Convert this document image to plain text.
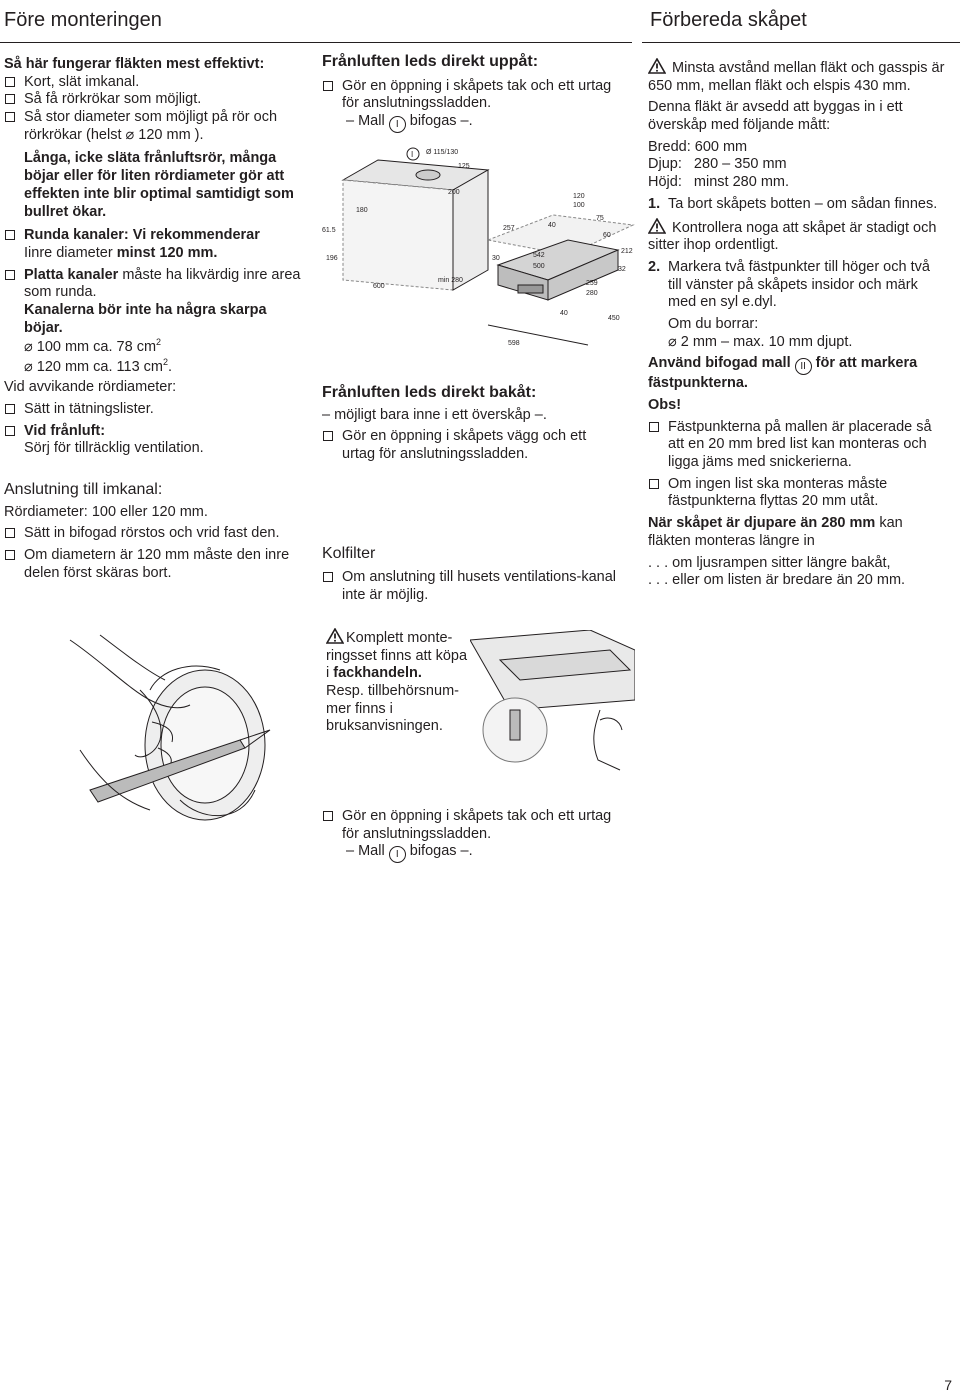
Före monteringen	Förbereda skåpet

Så här fungerar fläkten mest effektivt:

Kort, slät imkanal.

Så få rörkrökar som möjligt.

Så stor diameter som möjligt på rör och rörkrökar (helst ⌀ 120 mm ).

Långa, icke släta frånluftsrör, många böjar eller för liten rördiameter gör att effekten inte blir optimal samtidigt som bullret ökar.

Runda kanaler: Vi rekommenderar
Iinre diameter minst 120 mm.

Platta kanaler måste ha likvärdig inre area som runda.
Kanalerna bör inte ha några skarpa böjar.

⌀ 100 mm ca. 78 $cm^2$

⌀ 120 mm ca. 113 $cm^2$.

Vid avvikande rördiameter:

Sätt in tätningslister.

Vid frånluft:
Sörj för tillräcklig ventilation.

Anslutning till imkanal:

Rördiameter: 100 eller 120 mm.

Sätt in bifogad rörstos och vrid fast den.

Om diametern är 120 mm måste den inre delen först skäras bort.

Frånluften leds direkt uppåt:

Gör en öppning i skåpets tak och ett urtag för anslutningssladden.

– Mall I bifogas –.

I Ø 115/130
125
200
61.5
180
196
600
min 280

Frånluften leds direkt bakåt:

– möjligt bara inne i ett överskåp –.

Gör en öppning i skåpets vägg och ett urtag för anslutningssladden.

Kolfilter

Om anslutning till husets ventilations-kanal inte är möjlig.

Komplett monte-ringsset finns att köpa i fackhandeln.
Resp. tillbehörsnum-mer finns i bruksanvisningen.

Gör en öppning i skåpets tak och ett urtag för anslutningssladden.

– Mall I bifogas –.

257	40
120
100
75
60
212
30	542
500	32
259
280
40
450
598

Minsta avstånd mellan fläkt och gasspis är 650 mm, mellan fläkt och elspis 430 mm.

Denna fläkt är avsedd att byggas in i ett överskåp med följande mått:

Bredd: 600 mm

Djup:   280 – 350 mm

Höjd:   minst 280 mm.

1. Ta bort skåpets botten – om sådan finnes.

Kontrollera noga att skåpet är stadigt och sitter ihop ordentligt.

2. Markera två fästpunkter till höger och två till vänster på skåpets insidor och märk med en syl e.dyl.

Om du borrar:

⌀ 2 mm – max. 10 mm djupt.

Använd bifogad mall II för att markera fästpunkterna.

Obs!

Fästpunkterna på mallen är placerade så att en 20 mm bred list kan monteras och ligga jäms med snickerierna.

Om ingen list ska monteras måste fästpunkterna flyttas 20 mm utåt.

När skåpet är djupare än 280 mm kan fläkten monteras längre in

. . . om ljusrampen sitter längre bakåt,

. . . eller om listen är bredare än 20 mm.

7
